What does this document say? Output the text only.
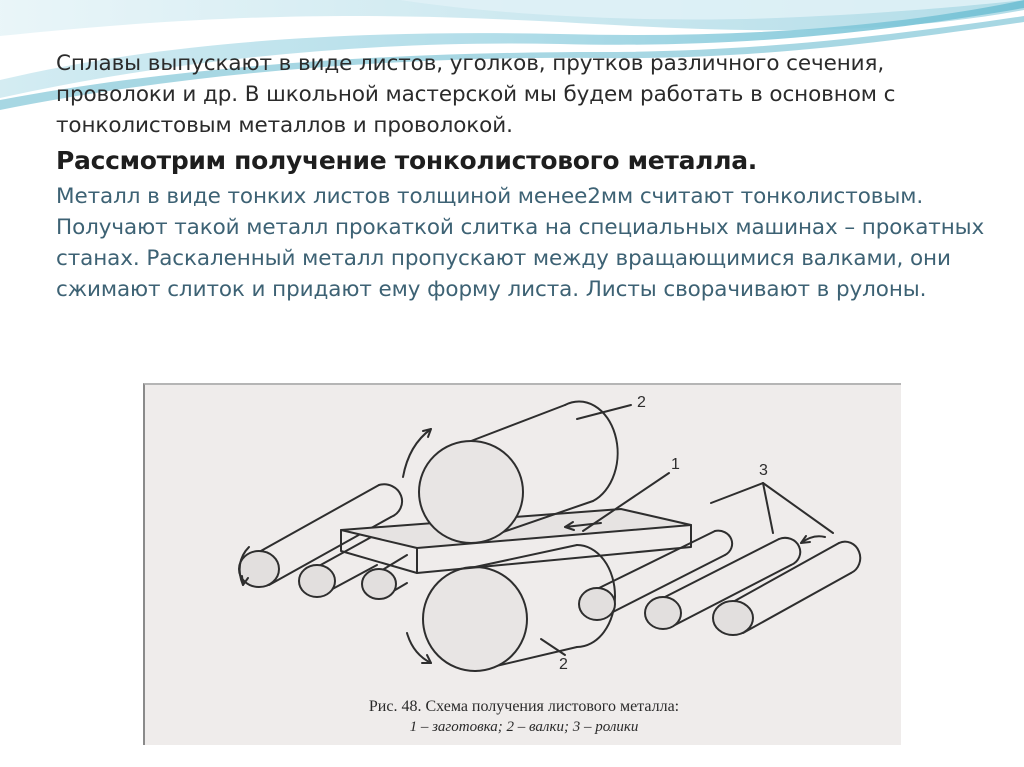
Сплавы выпускают в виде листов, уголков, прутков различного сечения, проволоки и др. В школьной мастерской мы будем работать в основном с тонколистовым металлов и проволокой.

Рассмотрим получение тонколистового металла.

Металл в виде тонких листов толщиной менее2мм считают тонколистовым. Получают такой металл прокаткой слитка на специальных машинах – прокатных станах. Раскаленный металл пропускают между вращающимися валками, они сжимают слиток и придают ему форму листа. Листы сворачивают в рулоны.

2
1
2
3
Рис. 48. Схема получения листового металла:
1 – заготовка; 2 – валки; 3 – ролики
